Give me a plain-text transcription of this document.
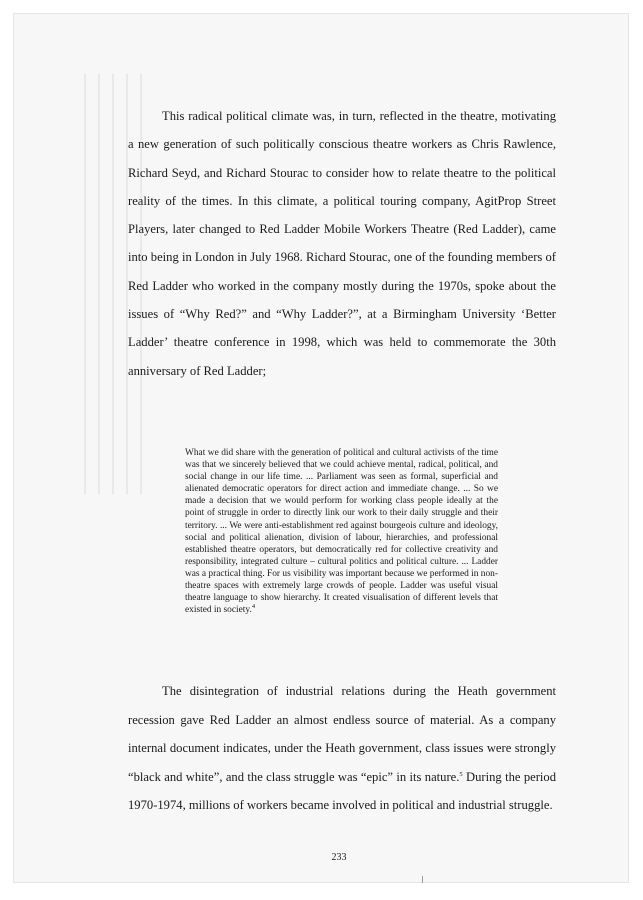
This radical political climate was, in turn, reflected in the theatre, motivating a new generation of such politically conscious theatre workers as Chris Rawlence, Richard Seyd, and Richard Stourac to consider how to relate theatre to the political reality of the times. In this climate, a political touring company, AgitProp Street Players, later changed to Red Ladder Mobile Workers Theatre (Red Ladder), came into being in London in July 1968. Richard Stourac, one of the founding members of Red Ladder who worked in the company mostly during the 1970s, spoke about the issues of “Why Red?” and “Why Ladder?”, at a Birmingham University ‘Better Ladder’ theatre conference in 1998, which was held to commemorate the 30th anniversary of Red Ladder;

What we did share with the generation of political and cultural activists of the time was that we sincerely believed that we could achieve mental, radical, political, and social change in our life time. ... Parliament was seen as formal, superficial and alienated democratic operators for direct action and immediate change. ... So we made a decision that we would perform for working class people ideally at the point of struggle in order to directly link our work to their daily struggle and their territory. ... We were anti-establishment red against bourgeois culture and ideology, social and political alienation, division of labour, hierarchies, and professional established theatre operators, but democratically red for collective creativity and responsibility, integrated culture – cultural politics and political culture. ... Ladder was a practical thing. For us visibility was important because we performed in non-theatre spaces with extremely large crowds of people. Ladder was useful visual theatre language to show hierarchy. It created visualisation of different levels that existed in society.$^4$

The disintegration of industrial relations during the Heath government recession gave Red Ladder an almost endless source of material. As a company internal document indicates, under the Heath government, class issues were strongly “black and white”, and the class struggle was “epic” in its nature.$^5$ During the period 1970-1974, millions of workers became involved in political and industrial struggle.

233
